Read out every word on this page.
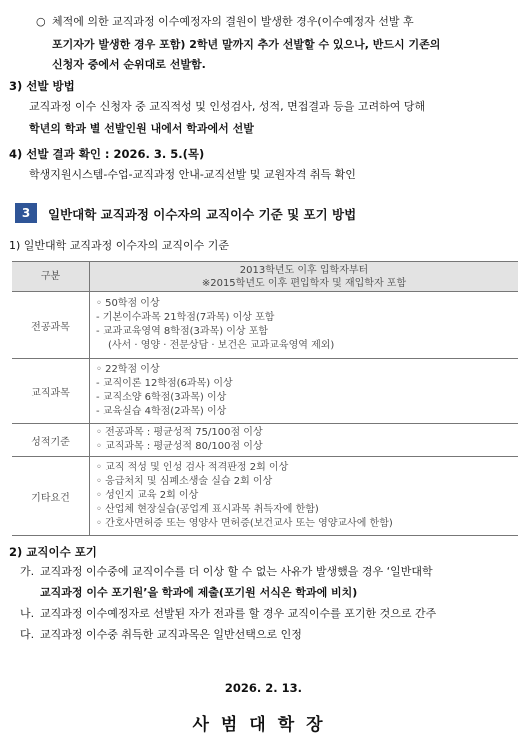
○ 체적에 의한 교직과정 이수예정자의 결원이 발생한 경우(이수예정자 선발 후
포기자가 발생한 경우 포함) 2학년 말까지 추가 선발할 수 있으나, 반드시 기존의
신청자 중에서 순위대로 선발함.
3) 선발 방법
교직과정 이수 신청자 중 교직적성 및 인성검사, 성적, 면접결과 등을 고려하여 당해
학년의 학과 별 선발인원 내에서 학과에서 선발
4) 선발 결과 확인 : 2026. 3. 5.(목)
학생지원시스템-수업-교직과정 안내-교직선발 및 교원자격 취득 확인
3	일반대학 교직과정 이수자의 교직이수 기준 및 포기 방법
1) 일반대학 교직과정 이수자의 교직이수 기준
구분	2013학년도 이후 입학자부터
※2015학년도 이후 편입학자 및 재입학자 포함

전공과목	◦ 50학점 이상
- 기본이수과목 21학점(7과목) 이상 포함
- 교과교육영역 8학점(3과목) 이상 포함
(사서 · 영양 · 전문상담 · 보건은 교과교육영역 제외)

교직과목	◦ 22학점 이상
- 교직이론 12학점(6과목) 이상
- 교직소양 6학점(3과목) 이상
- 교육실습 4학점(2과목) 이상

성적기준	◦ 전공과목 : 평균성적 75/100점 이상
◦ 교직과목 : 평균성적 80/100점 이상

기타요건	◦ 교직 적성 및 인성 검사 적격판정 2회 이상
◦ 응급처치 및 심폐소생술 실습 2회 이상
◦ 성인지 교육 2회 이상
◦ 산업체 현장실습(공업계 표시과목 취득자에 한함)
◦ 간호사면허증 또는 영양사 면허증(보건교사 또는 영양교사에 한함)
2) 교직이수 포기
가. 교직과정 이수중에 교직이수를 더 이상 할 수 없는 사유가 발생했을 경우 ‘일반대학
교직과정 이수 포기원’을 학과에 제출(포기원 서식은 학과에 비치)
나. 교직과정 이수예정자로 선발된 자가 전과를 할 경우 교직이수를 포기한 것으로 간주
다. 교직과정 이수중 취득한 교직과목은 일반선택으로 인정
2026. 2. 13.
사범대학장
